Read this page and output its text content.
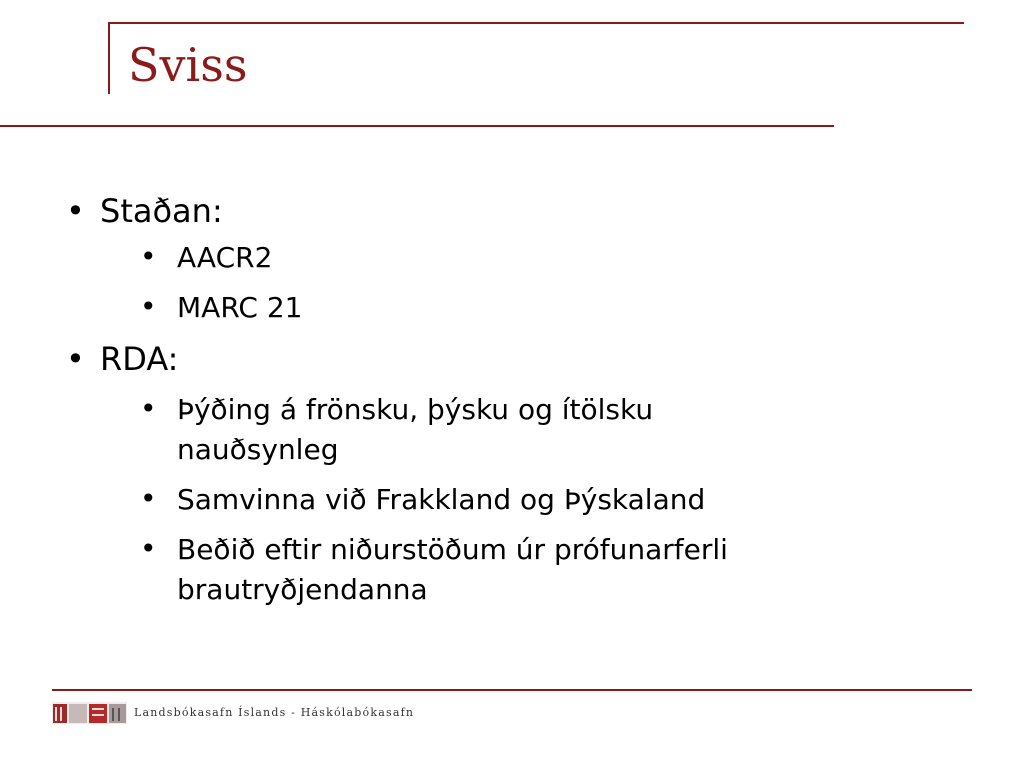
Sviss
• Staðan:
• AACR2
• MARC 21
• RDA:
• Þýðing á frönsku, þýsku og ítölsku nauðsynleg
• Samvinna við Frakkland og Þýskaland
• Beðið eftir niðurstöðum úr prófunarferli brautryðjendanna
Landsbókasafn Íslands - Háskólabókasafn
